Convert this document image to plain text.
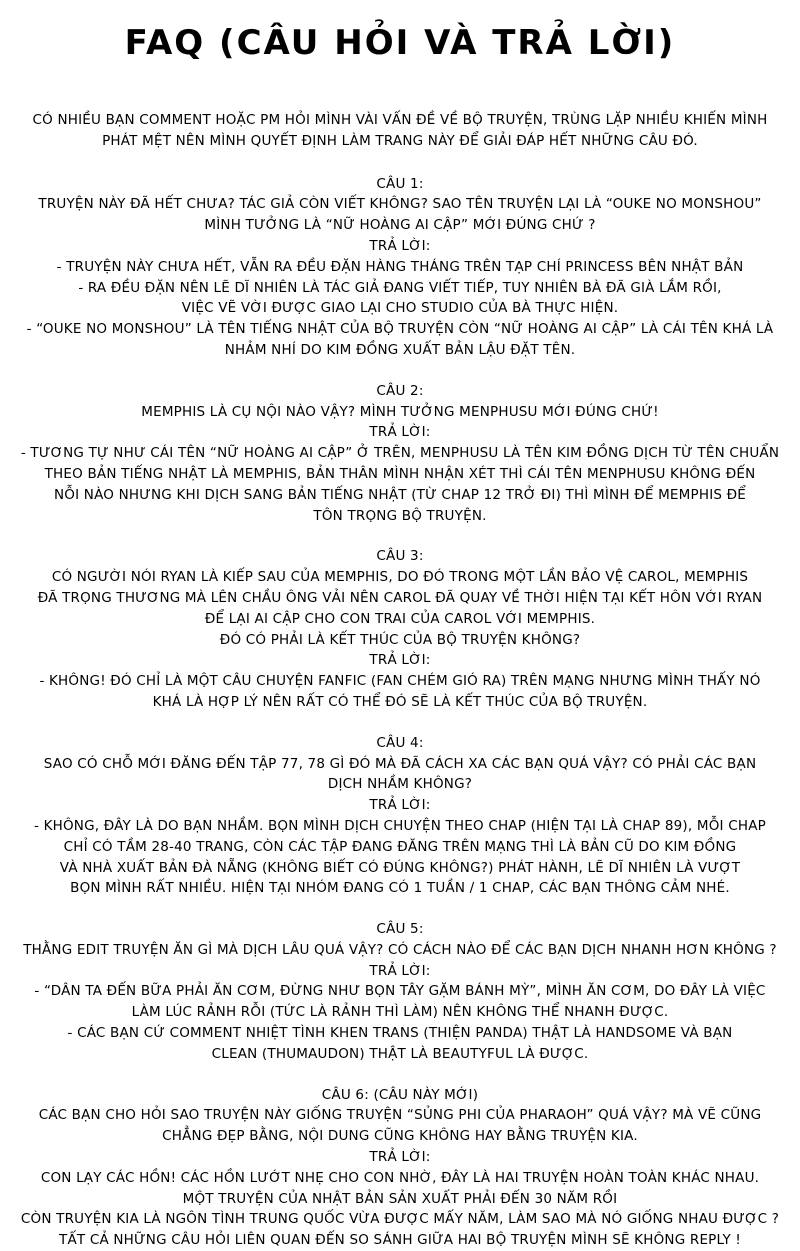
FAQ (CÂU HỎI VÀ TRẢ LỜI)
CÓ NHIỀU BẠN COMMENT HOẶC PM HỎI MÌNH VÀI VẤN ĐỀ VỀ BỘ TRUYỆN, TRÙNG LẶP NHIỀU KHIẾN MÌNH
PHÁT MỆT NÊN MÌNH QUYẾT ĐỊNH LÀM TRANG NÀY ĐỂ GIẢI ĐÁP HẾT NHỮNG CÂU ĐÓ.
CÂU 1:
TRUYỆN NÀY ĐÃ HẾT CHƯA? TÁC GIẢ CÒN VIẾT KHÔNG? SAO TÊN TRUYỆN LẠI LÀ “OUKE NO MONSHOU”
MÌNH TƯỞNG LÀ “NỮ HOÀNG AI CẬP” MỚI ĐÚNG CHỨ ?
TRẢ LỜI:
- TRUYỆN NÀY CHƯA HẾT, VẪN RA ĐỀU ĐẶN HÀNG THÁNG TRÊN TẠP CHÍ PRINCESS BÊN NHẬT BẢN
- RA ĐỀU ĐẶN NÊN LẼ DĨ NHIÊN LÀ TÁC GIẢ ĐANG VIẾT TIẾP, TUY NHIÊN BÀ ĐÃ GIÀ LẮM RỒI,
VIỆC VẼ VỜI ĐƯỢC GIAO LẠI CHO STUDIO CỦA BÀ THỰC HIỆN.
- “OUKE NO MONSHOU” LÀ TÊN TIẾNG NHẬT CỦA BỘ TRUYỆN CÒN “NỮ HOÀNG AI CẬP” LÀ CÁI TÊN KHÁ LÀ
NHẢM NHÍ DO KIM ĐỒNG XUẤT BẢN LẬU ĐẶT TÊN.
CÂU 2:
MEMPHIS LÀ CỤ NỘI NÀO VẬY? MÌNH TƯỞNG MENPHUSU MỚI ĐÚNG CHỨ!
TRẢ LỜI:
- TƯƠNG TỰ NHƯ CÁI TÊN “NỮ HOÀNG AI CẬP” Ở TRÊN, MENPHUSU LÀ TÊN KIM ĐỒNG DỊCH TỪ TÊN CHUẨN
THEO BẢN TIẾNG NHẬT LÀ MEMPHIS, BẢN THÂN MÌNH NHẬN XÉT THÌ CÁI TÊN MENPHUSU KHÔNG ĐẾN
NỖI NÀO NHƯNG KHI DỊCH SANG BẢN TIẾNG NHẬT (TỪ CHAP 12 TRỞ ĐI) THÌ MÌNH ĐỂ MEMPHIS ĐỂ
TÔN TRỌNG BỘ TRUYỆN.
CÂU 3:
CÓ NGƯỜI NÓI RYAN LÀ KIẾP SAU CỦA MEMPHIS, DO ĐÓ TRONG MỘT LẦN BẢO VỆ CAROL, MEMPHIS
ĐÃ TRỌNG THƯƠNG MÀ LÊN CHẦU ÔNG VẢI NÊN CAROL ĐÃ QUAY VỀ THỜI HIỆN TẠI KẾT HÔN VỚI RYAN
ĐỂ LẠI AI CẬP CHO CON TRAI CỦA CAROL VỚI MEMPHIS.
ĐÓ CÓ PHẢI LÀ KẾT THÚC CỦA BỘ TRUYỆN KHÔNG?
TRẢ LỜI:
- KHÔNG! ĐÓ CHỈ LÀ MỘT CÂU CHUYỆN FANFIC (FAN CHÉM GIÓ RA) TRÊN MẠNG NHƯNG MÌNH THẤY NÓ
KHÁ LÀ HỢP LÝ NÊN RẤT CÓ THỂ ĐÓ SẼ LÀ KẾT THÚC CỦA BỘ TRUYỆN.
CÂU 4:
SAO CÓ CHỖ MỚI ĐĂNG ĐẾN TẬP 77, 78 GÌ ĐÓ MÀ ĐÃ CÁCH XA CÁC BẠN QUÁ VẬY? CÓ PHẢI CÁC BẠN
DỊCH NHẦM KHÔNG?
TRẢ LỜI:
- KHÔNG, ĐÂY LÀ DO BẠN NHẦM. BỌN MÌNH DỊCH CHUYỆN THEO CHAP (HIỆN TẠI LÀ CHAP 89), MỖI CHAP
CHỈ CÓ TẦM 28-40 TRANG, CÒN CÁC TẬP ĐANG ĐĂNG TRÊN MẠNG THÌ LÀ BẢN CŨ DO KIM ĐỒNG
VÀ NHÀ XUẤT BẢN ĐÀ NẴNG (KHÔNG BIẾT CÓ ĐÚNG KHÔNG?) PHÁT HÀNH, LẼ DĨ NHIÊN LÀ VƯỢT
BỌN MÌNH RẤT NHIỀU. HIỆN TẠI NHÓM ĐANG CÓ 1 TUẦN / 1 CHAP, CÁC BẠN THÔNG CẢM NHÉ.
CÂU 5:
THẰNG EDIT TRUYỆN ĂN GÌ MÀ DỊCH LÂU QUÁ VẬY? CÓ CÁCH NÀO ĐỂ CÁC BẠN DỊCH NHANH HƠN KHÔNG ?
TRẢ LỜI:
- “DÂN TA ĐẾN BỮA PHẢI ĂN CƠM, ĐỪNG NHƯ BỌN TÂY GẶM BÁNH MỲ”, MÌNH ĂN CƠM, DO ĐÂY LÀ VIỆC
LÀM LÚC RẢNH RỖI (TỨC LÀ RẢNH THÌ LÀM) NÊN KHÔNG THỂ NHANH ĐƯỢC.
- CÁC BẠN CỨ COMMENT NHIỆT TÌNH KHEN TRANS (THIỆN PANDA) THẬT LÀ HANDSOME VÀ BẠN
CLEAN (THUMAUDON) THẬT LÀ BEAUTYFUL LÀ ĐƯỢC.
CÂU 6: (CÂU NÀY MỚI)
CÁC BẠN CHO HỎI SAO TRUYỆN NÀY GIỐNG TRUYỆN “SỦNG PHI CỦA PHARAOH” QUÁ VẬY? MÀ VẼ CŨNG
CHẲNG ĐẸP BẰNG, NỘI DUNG CŨNG KHÔNG HAY BẰNG TRUYỆN KIA.
TRẢ LỜI:
CON LẠY CÁC HỒN! CÁC HỒN LƯỚT NHẸ CHO CON NHỜ, ĐÂY LÀ HAI TRUYỆN HOÀN TOÀN KHÁC NHAU.
MỘT TRUYỆN CỦA NHẬT BẢN SẢN XUẤT PHẢI ĐẾN 30 NĂM RỒI
CÒN TRUYỆN KIA LÀ NGÔN TÌNH TRUNG QUỐC VỪA ĐƯỢC MẤY NĂM, LÀM SAO MÀ NÓ GIỐNG NHAU ĐƯỢC ?
TẤT CẢ NHỮNG CÂU HỎI LIÊN QUAN ĐẾN SO SÁNH GIỮA HAI BỘ TRUYỆN MÌNH SẼ KHÔNG REPLY !
